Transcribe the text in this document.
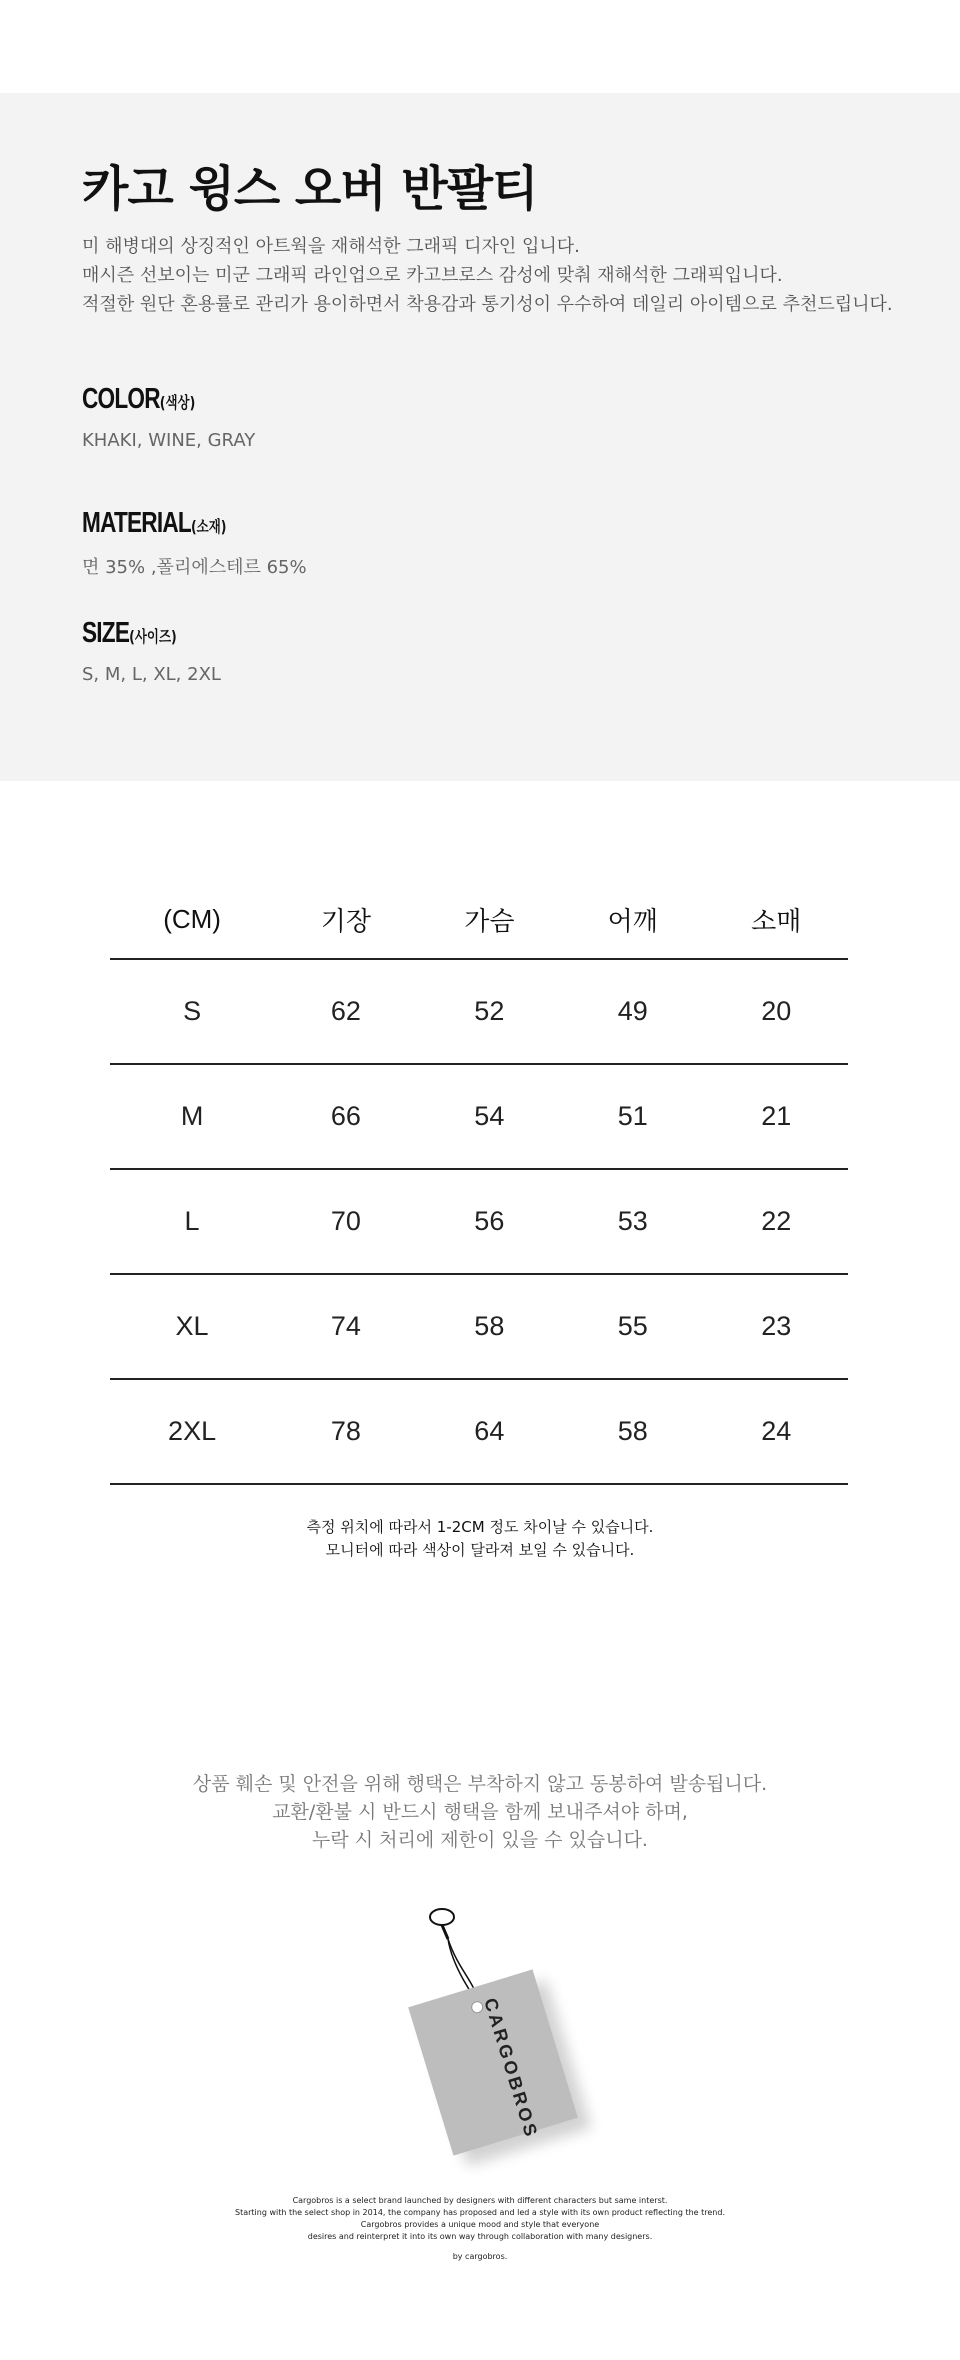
카고 윙스 오버 반팔티
미 해병대의 상징적인 아트웍을 재해석한 그래픽 디자인 입니다.
매시즌 선보이는 미군 그래픽 라인업으로 카고브로스 감성에 맞춰 재해석한 그래픽입니다.
적절한 원단 혼용률로 관리가 용이하면서 착용감과 통기성이 우수하여 데일리 아이템으로 추천드립니다.
COLOR(색상)
KHAKI, WINE, GRAY
MATERIAL(소재)
면 35% ,폴리에스테르 65%
SIZE(사이즈)
S, M, L, XL, 2XL
(CM)	기장	가슴	어깨	소매
S	62	52	49	20
M	66	54	51	21
L	70	56	53	22
XL	74	58	55	23
2XL	78	64	58	24
측정 위치에 따라서 1-2CM 정도 차이날 수 있습니다.
모니터에 따라 색상이 달라져 보일 수 있습니다.
상품 훼손 및 안전을 위해 행택은 부착하지 않고 동봉하여 발송됩니다.
교환/환불 시 반드시 행택을 함께 보내주셔야 하며,
누락 시 처리에 제한이 있을 수 있습니다.
CARGOBROS
Cargobros is a select brand launched by designers with different characters but same interst.
Starting with the select shop in 2014, the company has proposed and led a style with its own product reflecting the trend.
Cargobros provides a unique mood and style that everyone
desires and reinterpret it into its own way through collaboration with many designers.
by cargobros.
